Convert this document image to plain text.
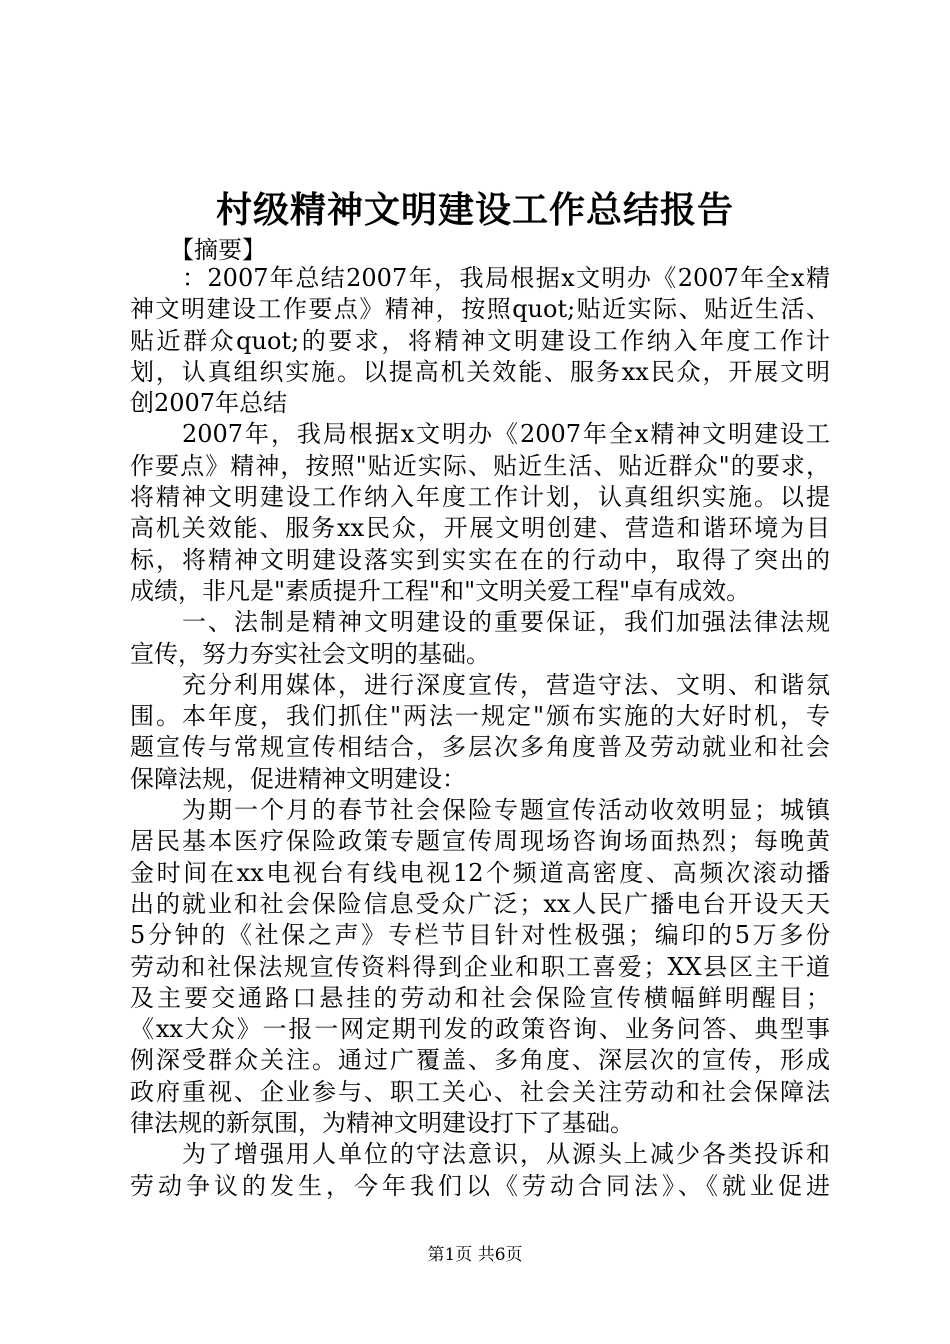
村级精神文明建设工作总结报告
【摘要】
：2007年总结2007年，我局根据x文明办《2007年全x精
神文明建设工作要点》精神，按照quot;贴近实际、贴近生活、
贴近群众quot;的要求，将精神文明建设工作纳入年度工作计
划，认真组织实施。以提高机关效能、服务xx民众，开展文明
创2007年总结
2007年，我局根据x文明办《2007年全x精神文明建设工
作要点》精神，按照"贴近实际、贴近生活、贴近群众"的要求，
将精神文明建设工作纳入年度工作计划，认真组织实施。以提
高机关效能、服务xx民众，开展文明创建、营造和谐环境为目
标，将精神文明建设落实到实实在在的行动中，取得了突出的
成绩，非凡是"素质提升工程"和"文明关爱工程"卓有成效。
一、法制是精神文明建设的重要保证，我们加强法律法规
宣传，努力夯实社会文明的基础。
充分利用媒体，进行深度宣传，营造守法、文明、和谐氛
围。本年度，我们抓住"两法一规定"颁布实施的大好时机，专
题宣传与常规宣传相结合，多层次多角度普及劳动就业和社会
保障法规，促进精神文明建设：
为期一个月的春节社会保险专题宣传活动收效明显；城镇
居民基本医疗保险政策专题宣传周现场咨询场面热烈；每晚黄
金时间在xx电视台有线电视12个频道高密度、高频次滚动播
出的就业和社会保险信息受众广泛；xx人民广播电台开设天天
5分钟的《社保之声》专栏节目针对性极强；编印的5万多份
劳动和社保法规宣传资料得到企业和职工喜爱；XX县区主干道
及主要交通路口悬挂的劳动和社会保险宣传横幅鲜明醒目；
《xx大众》一报一网定期刊发的政策咨询、业务问答、典型事
例深受群众关注。通过广覆盖、多角度、深层次的宣传，形成
政府重视、企业参与、职工关心、社会关注劳动和社会保障法
律法规的新氛围，为精神文明建设打下了基础。
为了增强用人单位的守法意识，从源头上减少各类投诉和
劳动争议的发生，今年我们以《劳动合同法》、《就业促进
第1页 共6页
